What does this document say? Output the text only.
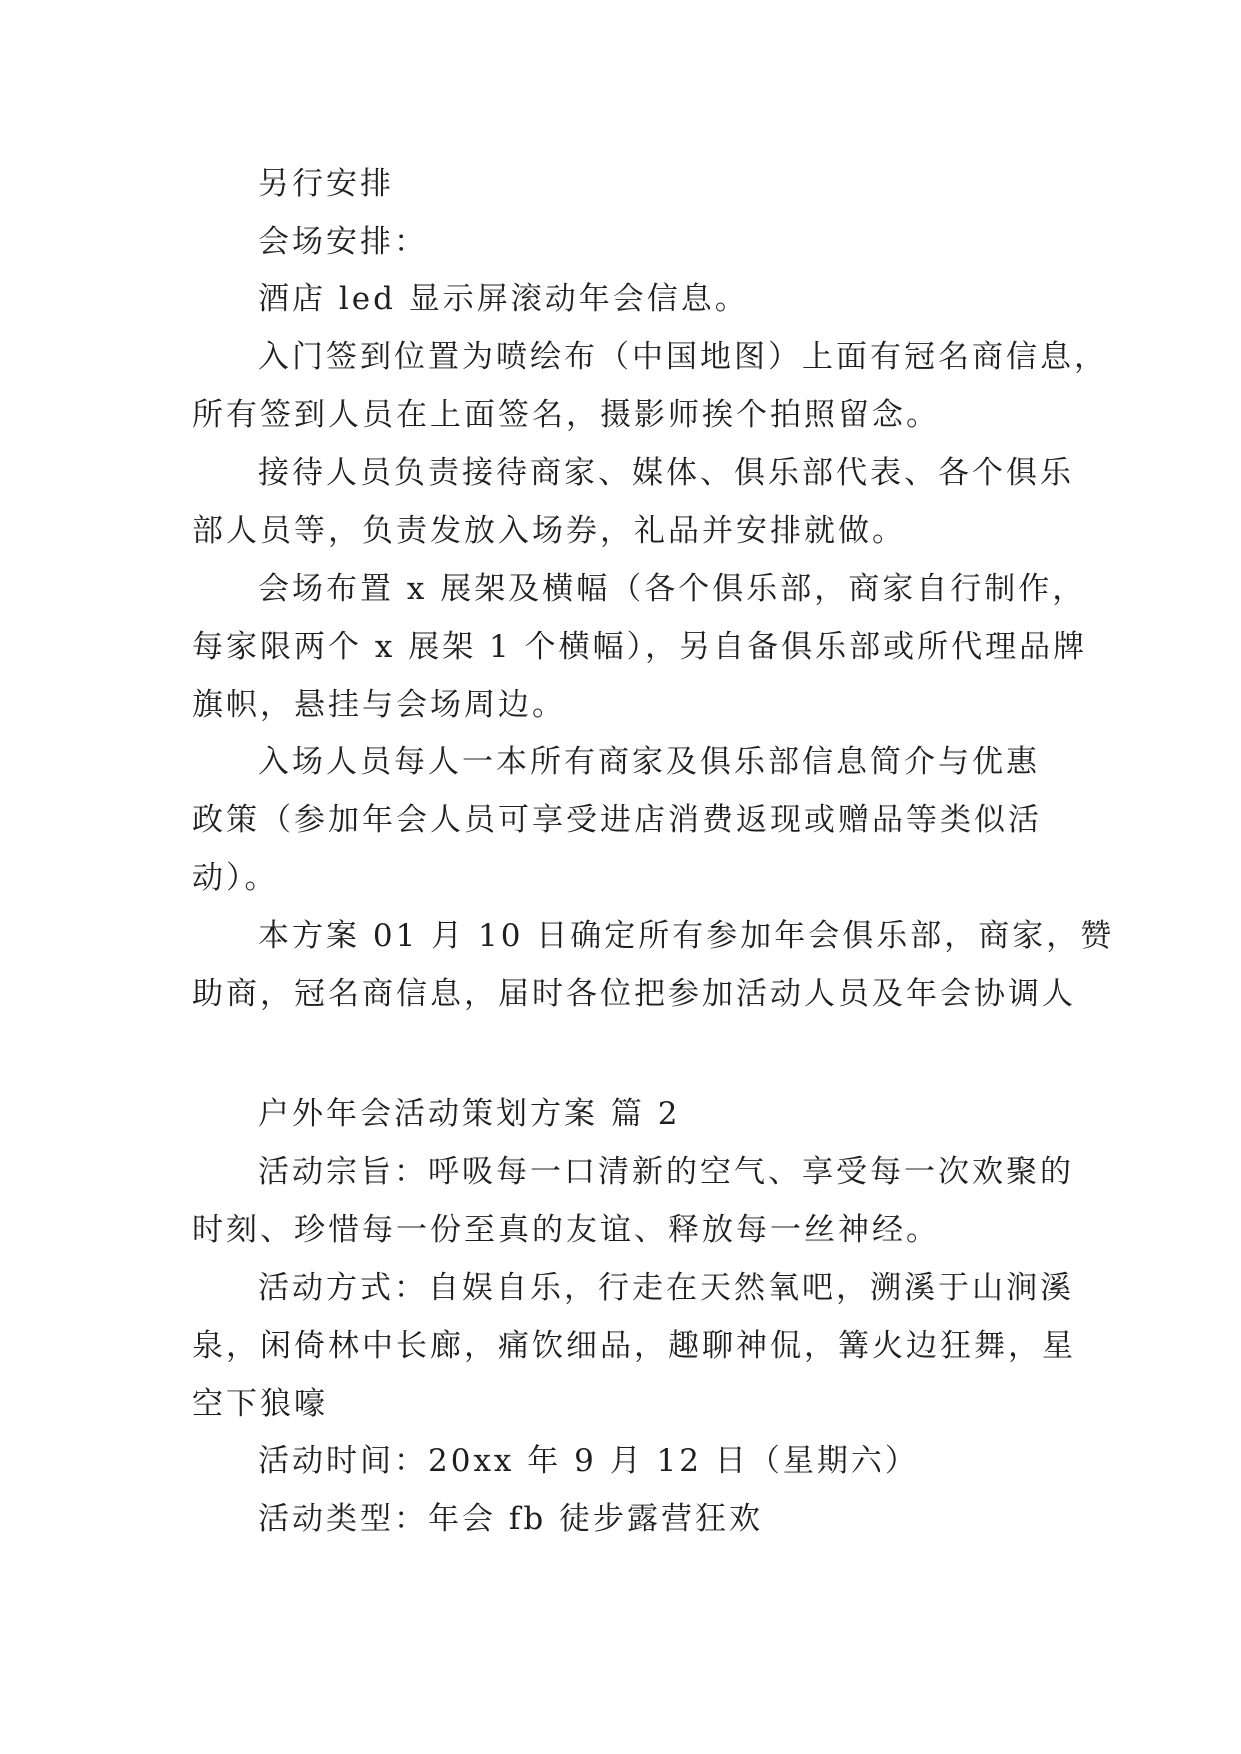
另行安排
会场安排：
酒店 led 显示屏滚动年会信息。
入门签到位置为喷绘布（中国地图）上面有冠名商信息，
所有签到人员在上面签名，摄影师挨个拍照留念。
接待人员负责接待商家、媒体、俱乐部代表、各个俱乐
部人员等，负责发放入场券，礼品并安排就做。
会场布置 x 展架及横幅（各个俱乐部，商家自行制作，
每家限两个 x 展架 1 个横幅），另自备俱乐部或所代理品牌
旗帜，悬挂与会场周边。
入场人员每人一本所有商家及俱乐部信息简介与优惠
政策（参加年会人员可享受进店消费返现或赠品等类似活
动）。
本方案 01 月 10 日确定所有参加年会俱乐部，商家，赞
助商，冠名商信息，届时各位把参加活动人员及年会协调人
户外年会活动策划方案 篇 2
活动宗旨：呼吸每一口清新的空气、享受每一次欢聚的
时刻、珍惜每一份至真的友谊、释放每一丝神经。
活动方式：自娱自乐，行走在天然氧吧，溯溪于山涧溪
泉，闲倚林中长廊，痛饮细品，趣聊神侃，篝火边狂舞，星
空下狼嚎
活动时间：20xx 年 9 月 12 日（星期六）
活动类型：年会 fb 徒步露营狂欢
